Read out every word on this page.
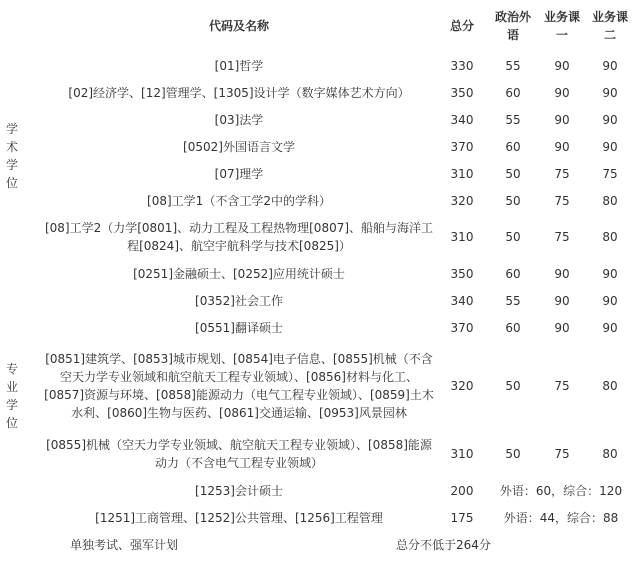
	代码及名称	总分	政治外语	业务课一	业务课二
学术学位	[01]哲学	330	55	90	90
[02]经济学、[12]管理学、[1305]设计学（数字媒体艺术方向）	350	60	90	90
[03]法学	340	55	90	90
[0502]外国语言文学	370	60	90	90
[07]理学	310	50	75	75
[08]工学1（不含工学2中的学科）	320	50	75	80
[08]工学2（力学[0801]、动力工程及工程热物理[0807]、船舶与海洋工程[0824]、航空宇航科学与技术[0825]）	310	50	75	80
专业学位	[0251]金融硕士、[0252]应用统计硕士	350	60	90	90
[0352]社会工作	340	55	90	90
[0551]翻译硕士	370	60	90	90
[0851]建筑学、[0853]城市规划、[0854]电子信息、[0855]机械（不含空天力学专业领域和航空航天工程专业领域）、[0856]材料与化工、[0857]资源与环境、[0858]能源动力（电气工程专业领域）、[0859]土木水利、[0860]生物与医药、[0861]交通运输、[0953]风景园林	320	50	75	80
[0855]机械（空天力学专业领域、航空航天工程专业领域）、[0858]能源动力（不含电气工程专业领域）	310	50	75	80
[1253]会计硕士	200	外语：60，综合：120
[1251]工商管理、[1252]公共管理、[1256]工程管理	175	外语：44，综合：88
单独考试、强军计划	总分不低于264分
